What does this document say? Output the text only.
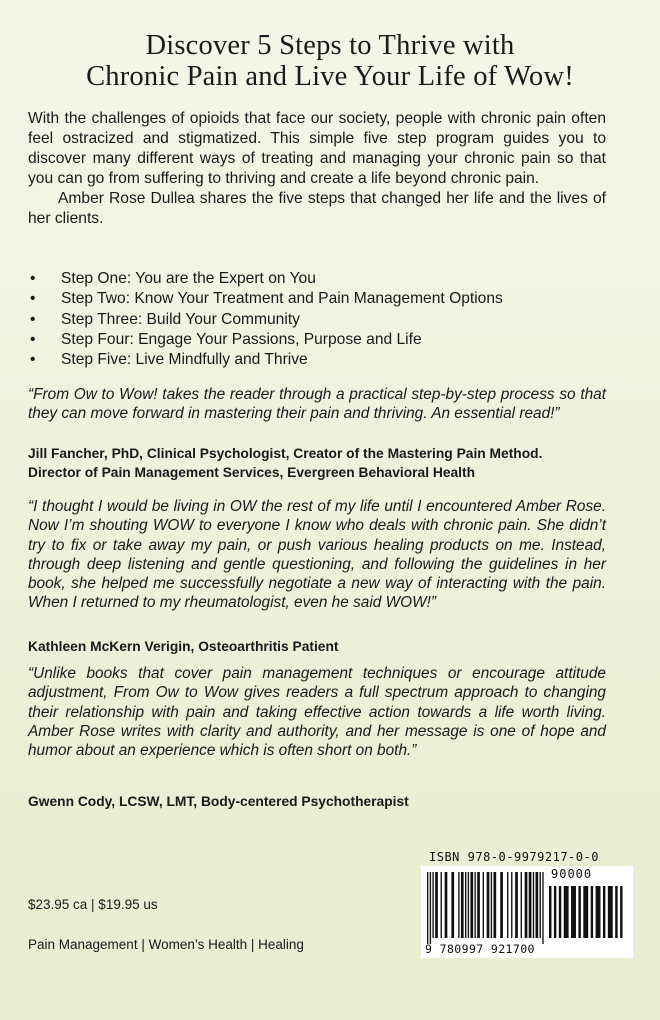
Discover 5 Steps to Thrive with
Chronic Pain and Live Your Life of Wow!

With the challenges of opioids that face our society, people with chronic pain often feel ostracized and stigmatized. This simple five step program guides you to discover many different ways of treating and managing your chronic pain so that you can go from suffering to thriving and create a life beyond chronic pain.

Amber Rose Dullea shares the five steps that changed her life and the lives of her clients.

• Step One: You are the Expert on You
• Step Two: Know Your Treatment and Pain Management Options
• Step Three: Build Your Community
• Step Four: Engage Your Passions, Purpose and Life
• Step Five: Live Mindfully and Thrive

“From Ow to Wow! takes the reader through a practical step-by-step process so that they can move forward in mastering their pain and thriving. An essential read!”

Jill Fancher, PhD, Clinical Psychologist, Creator of the Mastering Pain Method.
Director of Pain Management Services, Evergreen Behavioral Health

“I thought I would be living in OW the rest of my life until I encountered Amber Rose. Now I’m shouting WOW to everyone I know who deals with chronic pain. She didn’t try to fix or take away my pain, or push various healing products on me. Instead, through deep listening and gentle questioning, and following the guidelines in her book, she helped me successfully negotiate a new way of interacting with the pain. When I returned to my rheumatologist, even he said WOW!”

Kathleen McKern Verigin, Osteoarthritis Patient

“Unlike books that cover pain management techniques or encourage attitude adjustment, From Ow to Wow gives readers a full spectrum approach to changing their relationship with pain and taking effective action towards a life worth living. Amber Rose writes with clarity and authority, and her message is one of hope and humor about an experience which is often short on both.”

Gwenn Cody, LCSW, LMT, Body-centered Psychotherapist
$23.95 ca | $19.95 us
Pain Management | Women’s Health | Healing
ISBN 978-0-9979217-0-0
90000
9 780997 921700
